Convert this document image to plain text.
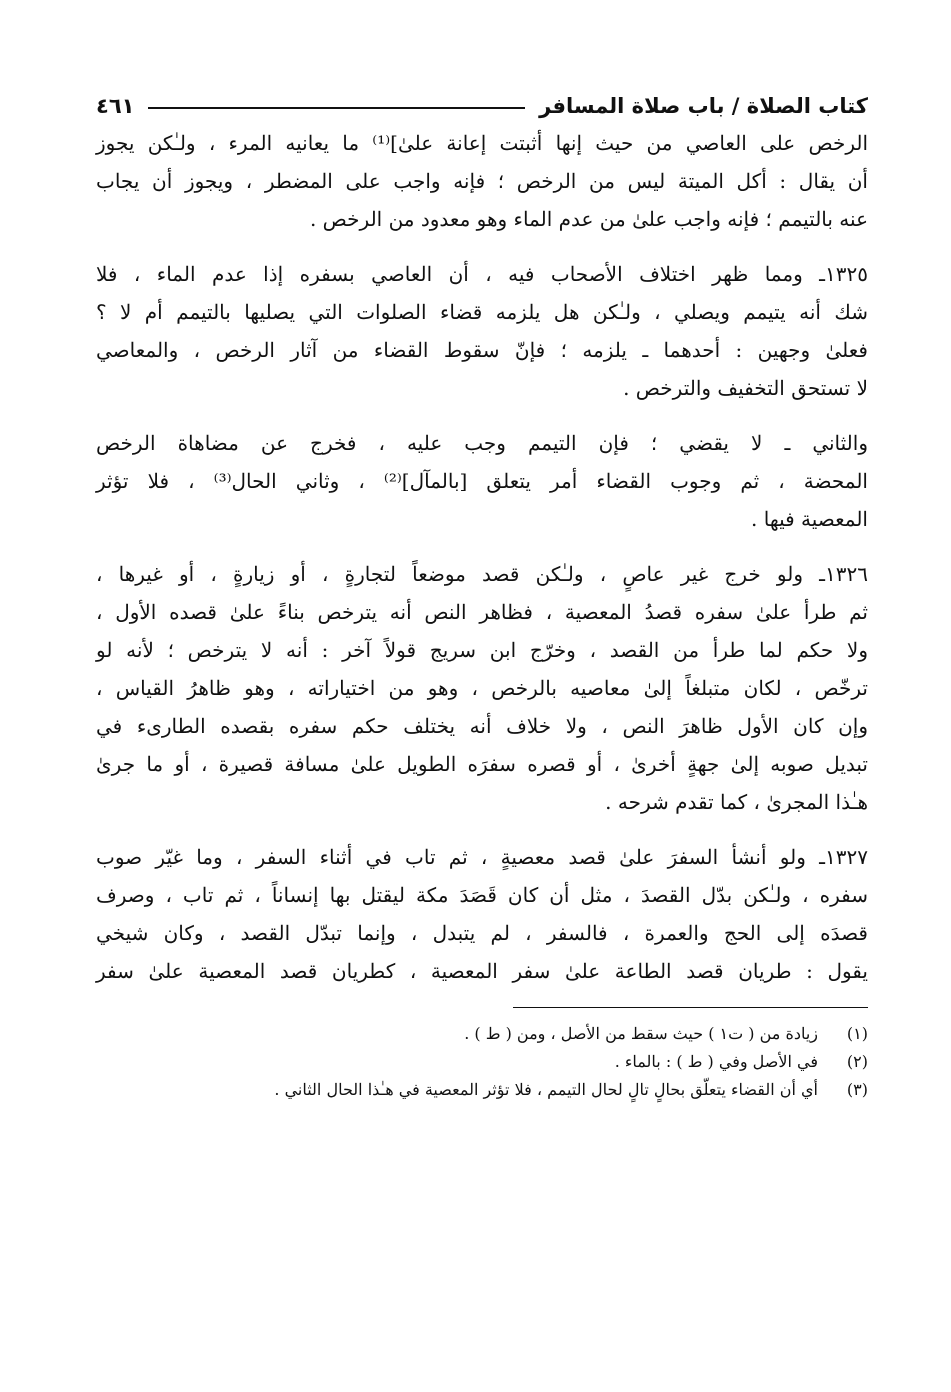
كتاب الصلاة / باب صلاة المسافر
٤٦١

الرخص على العاصي من حيث إنها أثبتت إعانة علىٰ]⁽¹⁾ ما يعانيه المرء ، ولـٰكن يجوز
أن يقال : أكل الميتة ليس من الرخص ؛ فإنه واجب على المضطر ، ويجوز أن يجاب
عنه بالتيمم ؛ فإنه واجب علىٰ من عدم الماء وهو معدود من الرخص .

١٣٢٥ـ ومما ظهر اختلاف الأصحاب فيه ، أن العاصي بسفره إذا عدم الماء ، فلا
شك أنه يتيمم ويصلي ، ولـٰكن هل يلزمه قضاء الصلوات التي يصليها بالتيمم أم لا ؟
فعلىٰ وجهين : أحدهما ـ يلزمه ؛ فإنّ سقوط القضاء من آثار الرخص ، والمعاصي
لا تستحق التخفيف والترخص .

والثاني ـ لا يقضي ؛ فإن التيمم وجب عليه ، فخرج عن مضاهاة الرخص
المحضة ، ثم وجوب القضاء أمر يتعلق [بالمآل]⁽²⁾ ، وثاني الحال⁽³⁾ ، فلا تؤثر
المعصية فيها .

١٣٢٦ـ ولو خرج غير عاصٍ ، ولـٰكن قصد موضعاً لتجارةٍ ، أو زيارةٍ ، أو غيرها ،
ثم طرأ علىٰ سفره قصدُ المعصية ، فظاهر النص أنه يترخص بناءً علىٰ قصده الأول ،
ولا حكم لما طرأ من القصد ، وخرّج ابن سريج قولاً آخر : أنه لا يترخص ؛ لأنه لو
ترخّص ، لكان متبلغاً إلىٰ معاصيه بالرخص ، وهو من اختياراته ، وهو ظاهرُ القياس ،
وإن كان الأول ظاهرَ النص ، ولا خلاف أنه يختلف حكم سفره بقصده الطارىء في
تبديل صوبه إلىٰ جهةٍ أخرىٰ ، أو قصره سفرَه الطويل علىٰ مسافة قصيرة ، أو ما جرىٰ
هـٰذا المجرىٰ ، كما تقدم شرحه .

١٣٢٧ـ ولو أنشأ السفرَ علىٰ قصد معصيةٍ ، ثم تاب في أثناء السفر ، وما غيّر صوب
سفره ، ولـٰكن بدّل القصدَ ، مثل أن كان قَصَدَ مكة ليقتل بها إنساناً ، ثم تاب ، وصرف
قصدَه إلى الحج والعمرة ، فالسفر ، لم يتبدل ، وإنما تبدّل القصد ، وكان شيخي
يقول : طريان قصد الطاعة علىٰ سفر المعصية ، كطريان قصد المعصية علىٰ سفر

(١)
زيادة من ( ت١ ) حيث سقط من الأصل ، ومن ( ط ) .
(٢)
في الأصل وفي ( ط ) : بالماء .
(٣)
أي أن القضاء يتعلّق بحالٍ تالٍ لحال التيمم ، فلا تؤثر المعصية في هـٰذا الحال الثاني .
